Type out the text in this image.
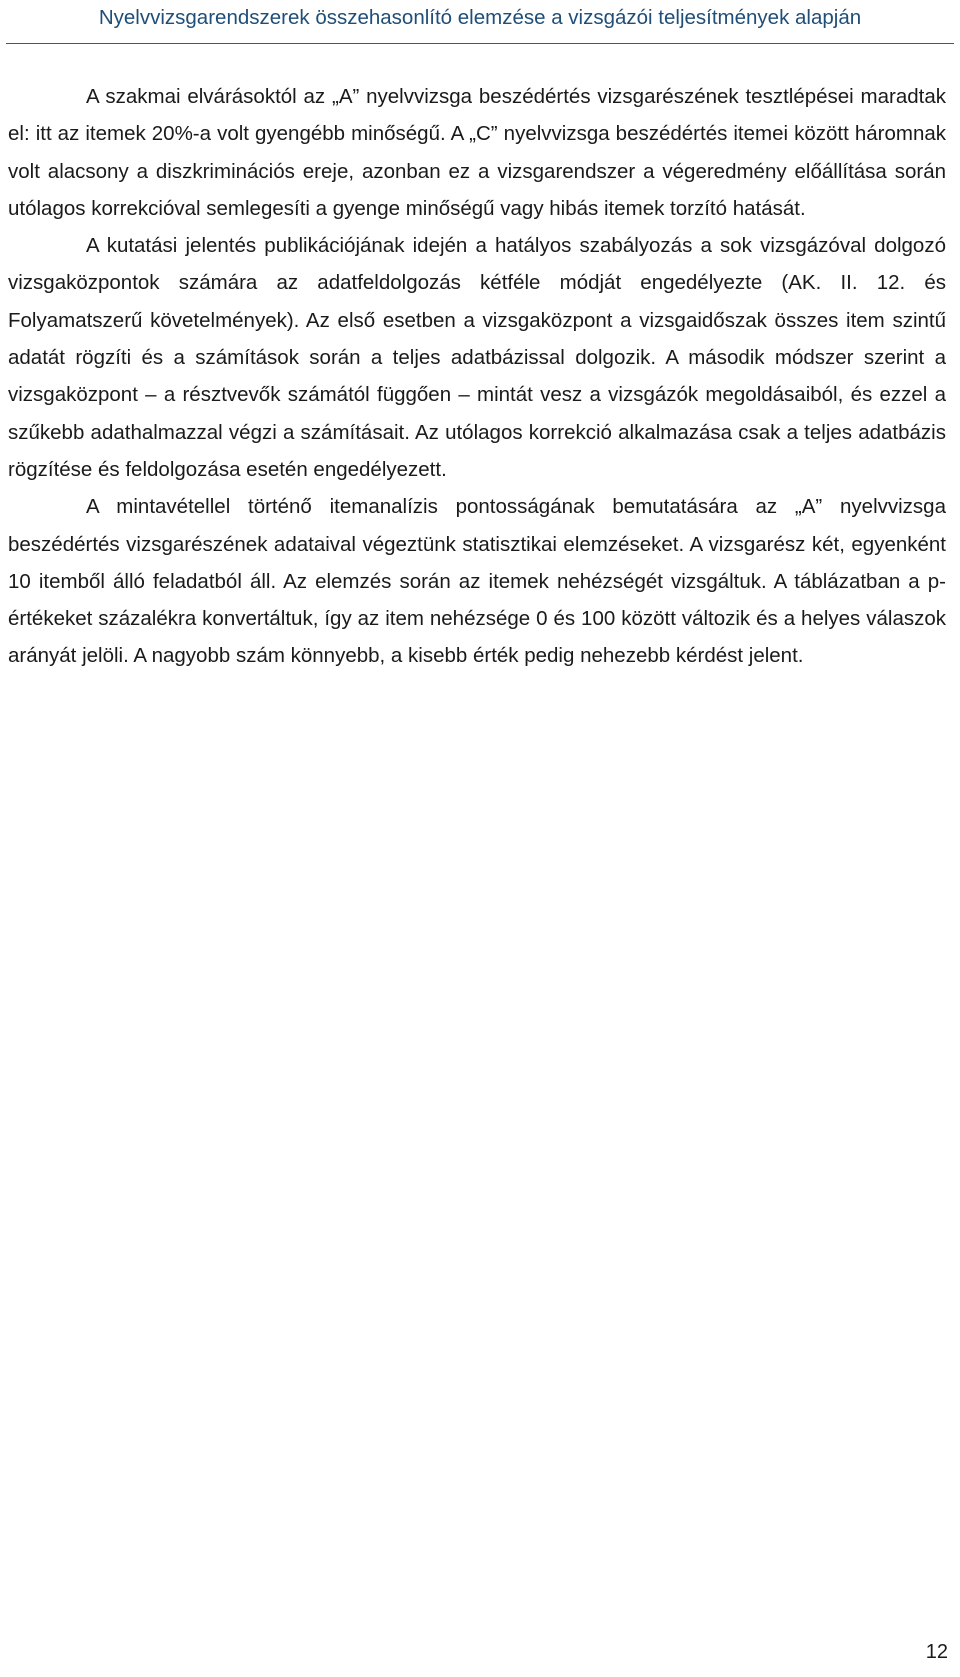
Nyelvvizsgarendszerek összehasonlító elemzése a vizsgázói teljesítmények alapján

A szakmai elvárásoktól az „A” nyelvvizsga beszédértés vizsgarészének tesztlépései maradtak el: itt az itemek 20%-a volt gyengébb minőségű. A „C” nyelvvizsga beszédértés itemei között háromnak volt alacsony a diszkriminációs ereje, azonban ez a vizsgarendszer a végeredmény előállítása során utólagos korrekcióval semlegesíti a gyenge minőségű vagy hibás itemek torzító hatását.

A kutatási jelentés publikációjának idején a hatályos szabályozás a sok vizsgázóval dolgozó vizsgaközpontok számára az adatfeldolgozás kétféle módját engedélyezte (AK. II. 12. és Folyamatszerű követelmények). Az első esetben a vizsgaközpont a vizsgaidőszak összes item szintű adatát rögzíti és a számítások során a teljes adatbázissal dolgozik. A második módszer szerint a vizsgaközpont – a résztvevők számától függően – mintát vesz a vizsgázók megoldásaiból, és ezzel a szűkebb adathalmazzal végzi a számításait. Az utólagos korrekció alkalmazása csak a teljes adatbázis rögzítése és feldolgozása esetén engedélyezett.

A mintavétellel történő itemanalízis pontosságának bemutatására az „A” nyelvvizsga beszédértés vizsgarészének adataival végeztünk statisztikai elemzéseket. A vizsgarész két, egyenként 10 itemből álló feladatból áll. Az elemzés során az itemek nehézségét vizsgáltuk. A táblázatban a p-értékeket százalékra konvertáltuk, így az item nehézsége 0 és 100 között változik és a helyes válaszok arányát jelöli. A nagyobb szám könnyebb, a kisebb érték pedig nehezebb kérdést jelent.

12
